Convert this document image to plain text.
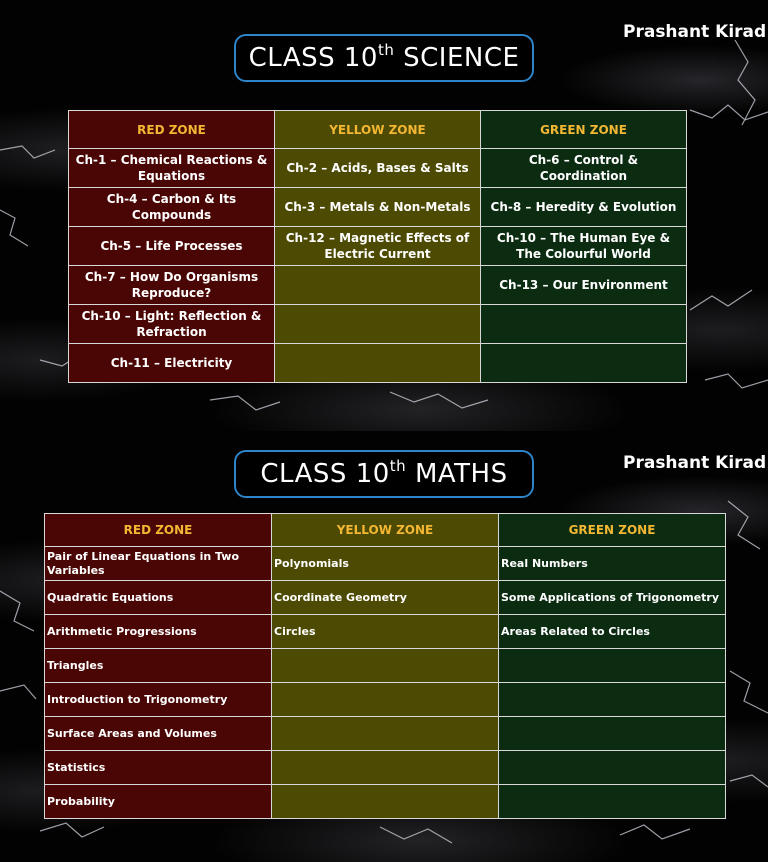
Prashant Kirad
CLASS 10th SCIENCE
RED ZONE	YELLOW ZONE	GREEN ZONE
Ch-1 – Chemical Reactions & Equations	Ch-2 – Acids, Bases & Salts	Ch-6 – Control & Coordination
Ch-4 – Carbon & Its Compounds	Ch-3 – Metals & Non-Metals	Ch-8 – Heredity & Evolution
Ch-5 – Life Processes	Ch-12 – Magnetic Effects of Electric Current	Ch-10 – The Human Eye & The Colourful World
Ch-7 – How Do Organisms Reproduce?		Ch-13 – Our Environment
Ch-10 – Light: Reflection & Refraction		
Ch-11 – Electricity		
Prashant Kirad
CLASS 10th MATHS
RED ZONE	YELLOW ZONE	GREEN ZONE
Pair of Linear Equations in Two Variables	Polynomials	Real Numbers
Quadratic Equations	Coordinate Geometry	Some Applications of Trigonometry
Arithmetic Progressions	Circles	Areas Related to Circles
Triangles		
Introduction to Trigonometry		
Surface Areas and Volumes		
Statistics		
Probability		
